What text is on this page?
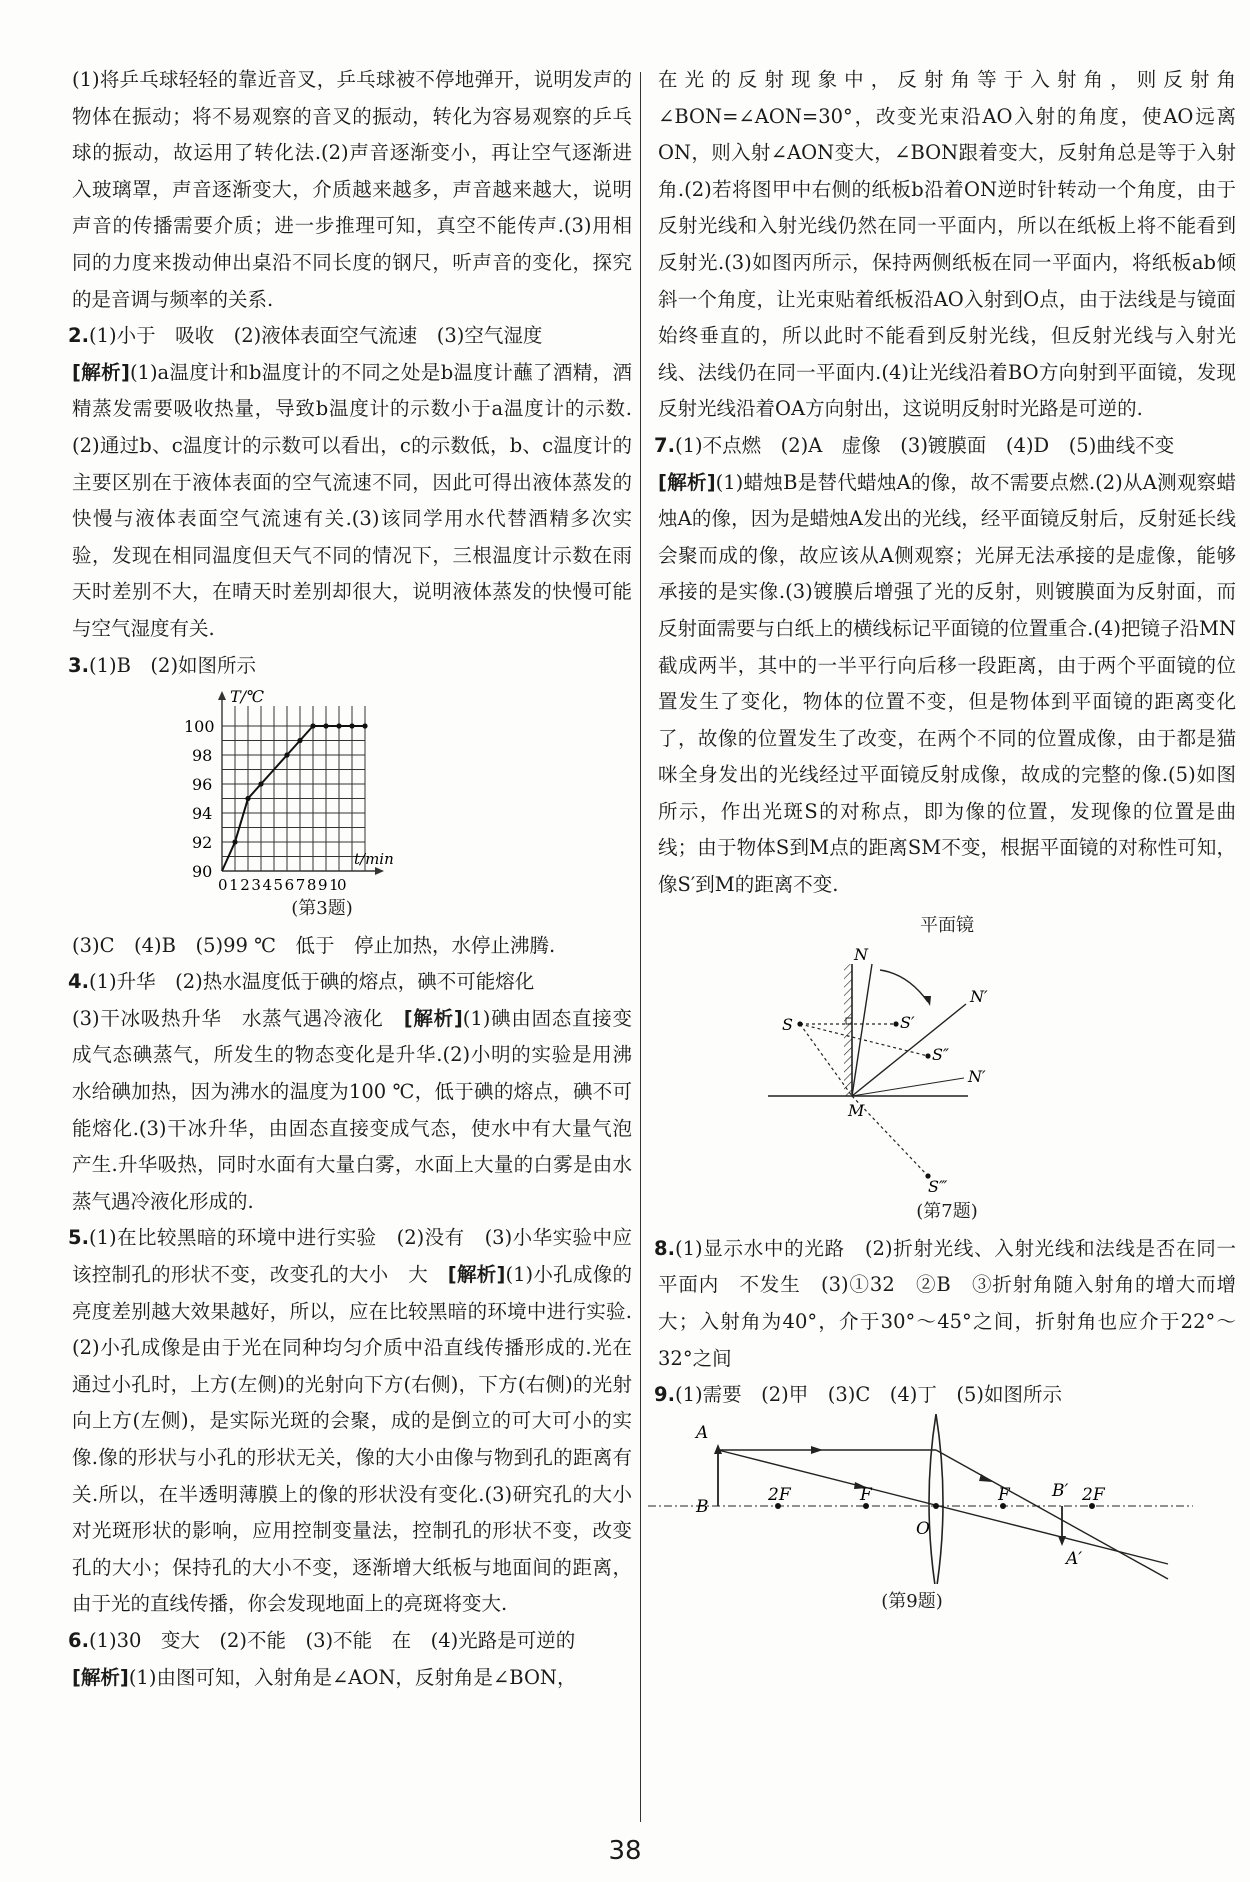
(1)将乒乓球轻轻的靠近音叉，乒乓球被不停地弹开，说明发声的物体在振动；将不易观察的音叉的振动，转化为容易观察的乒乓球的振动，故运用了转化法.(2)声音逐渐变小，再让空气逐渐进入玻璃罩，声音逐渐变大，介质越来越多，声音越来越大，说明声音的传播需要介质；进一步推理可知，真空不能传声.(3)用相同的力度来拨动伸出桌沿不同长度的钢尺，听声音的变化，探究的是音调与频率的关系.

2.(1)小于　吸收　(2)液体表面空气流速　(3)空气湿度

[解析](1)a温度计和b温度计的不同之处是b温度计蘸了酒精，酒精蒸发需要吸收热量，导致b温度计的示数小于a温度计的示数.(2)通过b、c温度计的示数可以看出，c的示数低，b、c温度计的主要区别在于液体表面的空气流速不同，因此可得出液体蒸发的快慢与液体表面空气流速有关.(3)该同学用水代替酒精多次实验，发现在相同温度但天气不同的情况下，三根温度计示数在雨天时差别不大，在晴天时差别却很大，说明液体蒸发的快慢可能与空气湿度有关.

3.(1)B　(2)如图所示

T/℃
100
98
96
94
92
90
0 1 2 3 4 5 6 7 8 9 10
t/min
(第3题)

(3)C　(4)B　(5)99 ℃　低于　停止加热，水停止沸腾.

4.(1)升华　(2)热水温度低于碘的熔点，碘不可能熔化

(3)干冰吸热升华　水蒸气遇冷液化　 [解析](1)碘由固态直接变成气态碘蒸气，所发生的物态变化是升华.(2)小明的实验是用沸水给碘加热，因为沸水的温度为100 ℃，低于碘的熔点，碘不可能熔化.(3)干冰升华，由固态直接变成气态，使水中有大量气泡产生.升华吸热，同时水面有大量白雾，水面上大量的白雾是由水蒸气遇冷液化形成的.

5.(1)在比较黑暗的环境中进行实验　(2)没有　(3)小华实验中应该控制孔的形状不变，改变孔的大小　大　 [解析](1)小孔成像的亮度差别越大效果越好，所以，应在比较黑暗的环境中进行实验.(2)小孔成像是由于光在同种均匀介质中沿直线传播形成的.光在通过小孔时，上方(左侧)的光射向下方(右侧)，下方(右侧)的光射向上方(左侧)，是实际光斑的会聚，成的是倒立的可大可小的实像.像的形状与小孔的形状无关，像的大小由像与物到孔的距离有关.所以，在半透明薄膜上的像的形状没有变化.(3)研究孔的大小对光斑形状的影响，应用控制变量法，控制孔的形状不变，改变孔的大小；保持孔的大小不变，逐渐增大纸板与地面间的距离，由于光的直线传播，你会发现地面上的亮斑将变大.

6.(1)30　变大　(2)不能　(3)不能　在　(4)光路是可逆的

[解析](1)由图可知，入射角是∠AON，反射角是∠BON，

在光的反射现象中，反射角等于入射角，则反射角∠BON=∠AON=30°，改变光束沿AO入射的角度，使AO远离ON，则入射∠AON变大，∠BON跟着变大，反射角总是等于入射角.(2)若将图甲中右侧的纸板b沿着ON逆时针转动一个角度，由于反射光线和入射光线仍然在同一平面内，所以在纸板上将不能看到反射光.(3)如图丙所示，保持两侧纸板在同一平面内，将纸板ab倾斜一个角度，让光束贴着纸板沿AO入射到O点，由于法线是与镜面始终垂直的，所以此时不能看到反射光线，但反射光线与入射光线、法线仍在同一平面内.(4)让光线沿着BO方向射到平面镜，发现反射光线沿着OA方向射出，这说明反射时光路是可逆的.

7.(1)不点燃　(2)A　虚像　(3)镀膜面　(4)D　(5)曲线不变

[解析](1)蜡烛B是替代蜡烛A的像，故不需要点燃.(2)从A测观察蜡烛A的像，因为是蜡烛A发出的光线，经平面镜反射后，反射延长线会聚而成的像，故应该从A侧观察；光屏无法承接的是虚像，能够承接的是实像.(3)镀膜后增强了光的反射，则镀膜面为反射面，而反射面需要与白纸上的横线标记平面镜的位置重合.(4)把镜子沿MN截成两半，其中的一半平行向后移一段距离，由于两个平面镜的位置发生了变化，物体的位置不变，但是物体到平面镜的距离变化了，故像的位置发生了改变，在两个不同的位置成像，由于都是猫咪全身发出的光线经过平面镜反射成像，故成的完整的像.(5)如图所示，作出光斑S的对称点，即为像的位置，发现像的位置是曲线；由于物体S到M点的距离SM不变，根据平面镜的对称性可知，像S′到M的距离不变.

平面镜
N
N′
N′
S	S′
S″
M
S‴
(第7题)

8.(1)显示水中的光路　(2)折射光线、入射光线和法线是否在同一平面内　不发生　(3)①32　②B　③折射角随入射角的增大而增大；入射角为40°，介于30°～45°之间，折射角也应介于22°～32°之间

9.(1)需要　(2)甲　(3)C　(4)丁　(5)如图所示

A
B
2F	F
O
F B′ 2F
A′
(第9题)
38
